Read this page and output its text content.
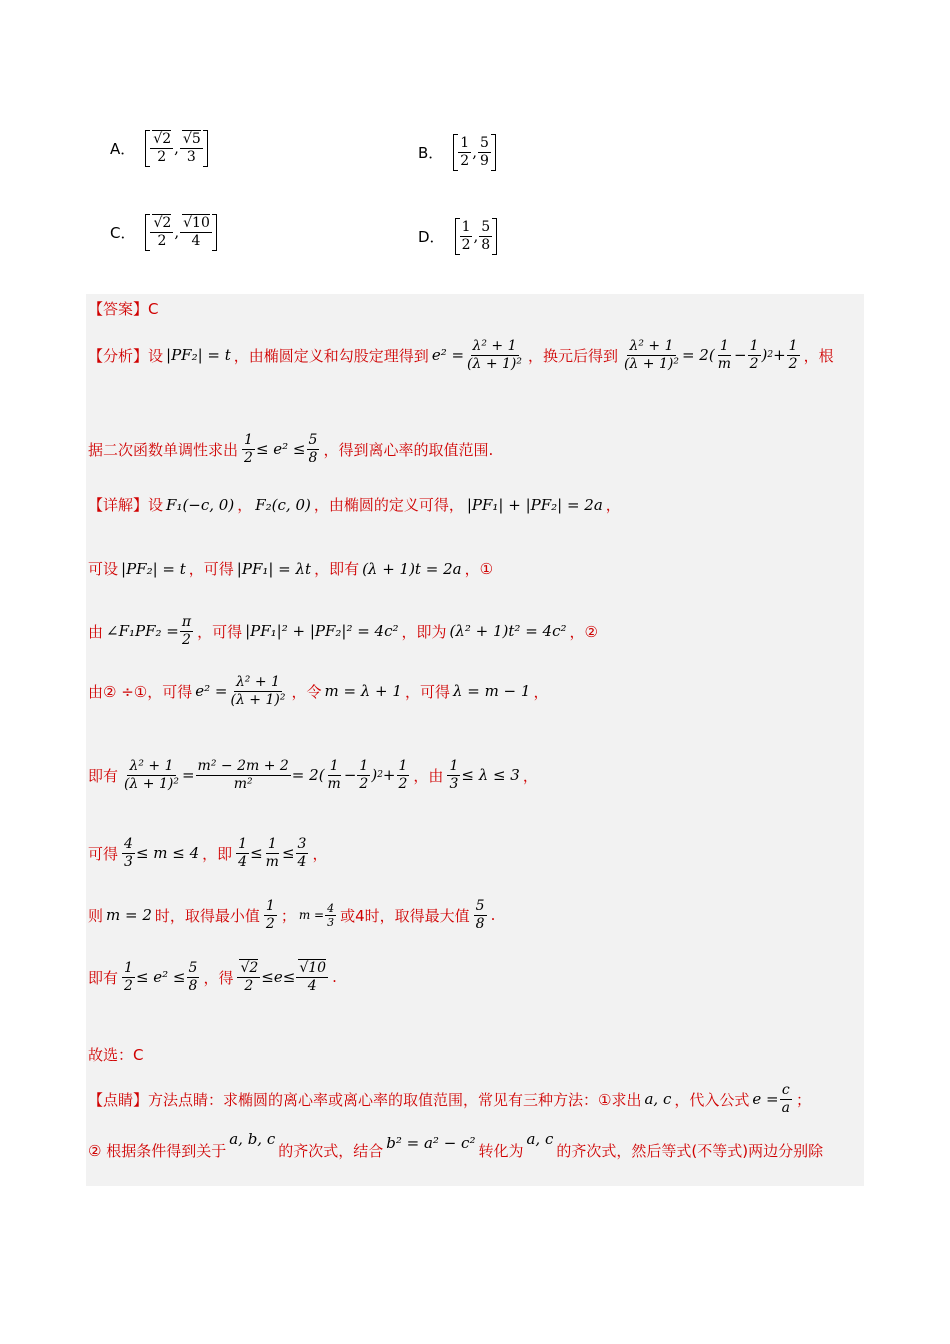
A．
√ 2
2 ,
√ 5
3	B．
1
2 ,
5
9
C．
√ 2
2 ,
√ 10
4	D．
1
2 ,
5
8
【答案】C
【分析】 设 |PF₂| = t ，由椭圆定义和勾股定理得到 $e^2 = \frac{\text{λ² + 1}}{\text{(λ + 1)²}}$ ，换元后得到 $\frac{\text{λ² + 1}}{\text{(λ + 1)²}} = 2$ (
1
$m - \frac{1}{2}$ ) $2 + \frac{1}{2}$ ，根
据二次函数单调性求出 $\frac{1}{2} \le e^2 \le \frac{5}{8}$ ，得到离心率的取值范围.
【详解】 设 F₁(−c, 0) ， F₂(c, 0) ，由椭圆的定义可得， |PF₁| + |PF₂| = 2a ，
可设 |PF₂| = t ，可得 |PF₁| = λt ，即有 (λ + 1)t = 2a ，①
由 ∠F₁PF₂ = $\frac{\pi}{2}$ ，可得 |PF₁|² + |PF₂|² = 4c² ，即为 (λ² + 1)t² = 4c² ，②
由② ÷① ，可得 $e^2 = \frac{\text{λ² + 1}}{\text{(λ + 1)²}}$ ，令 m = λ + 1 ，可得 λ = m − 1 ，
即有
λ² + 1
$(\lambda + 1)^2 = \frac{\text{m² − 2m + 2}}{\text{m²}} = 2$ (
1
$m - \frac{1}{2}$ ) $2 + \frac{1}{2}$ ，由 $\frac{1}{3} \le \lambda \le 3$ ，
可得 $\frac{4}{3} \le m \le 4$ ，即 $\frac{1}{4} \le \frac{1}{m} \le \frac{3}{4}$ ，
则 m = 2 时，取得最小值
1
2 ； $m = \frac{4}{3}$ 或4时，取得最大值
5
8 .
即有 $\frac{1}{2} \le e^2 \le \frac{5}{8}$ ，得 √ $\frac{2}{2} \le e$ ≤ √ $\frac{10}{4}$ .
故选：C
【点睛】 方法点睛：求椭圆的离心率或离心率的取值范围，常见有三种方法：①求出 a, c ，代入公式 $e = \frac{c}{a}$ ；
② 根据条件得到关于
a, b, c
的齐次式，结合 b² = a² − c² 转化为
a, c
的齐次式，然后等式(不等式)两边分别除
